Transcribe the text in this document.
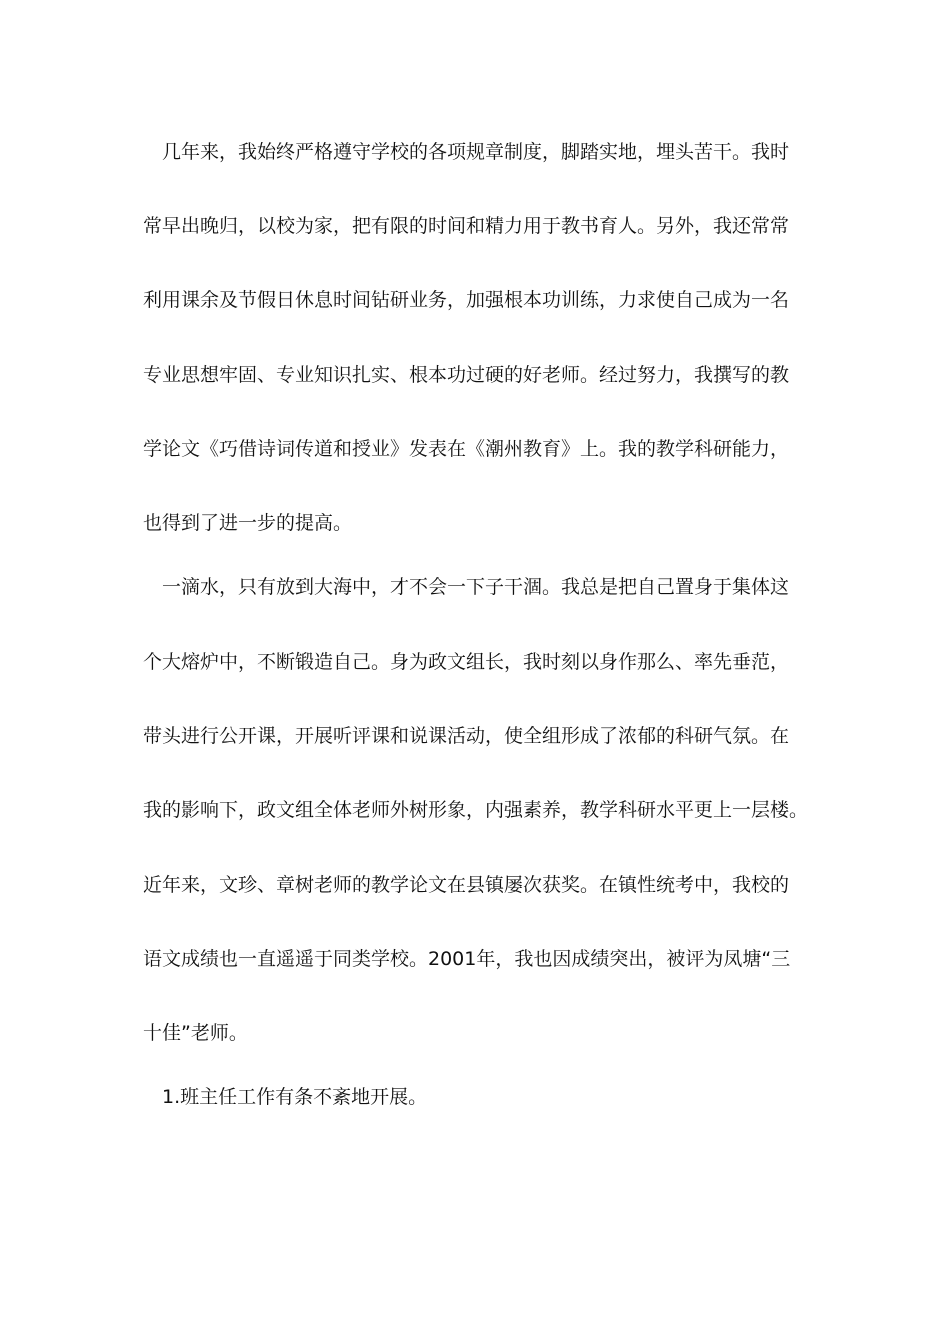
几年来，我始终严格遵守学校的各项规章制度，脚踏实地，埋头苦干。我时
常早出晚归，以校为家，把有限的时间和精力用于教书育人。另外，我还常常
利用课余及节假日休息时间钻研业务，加强根本功训练，力求使自己成为一名
专业思想牢固、专业知识扎实、根本功过硬的好老师。经过努力，我撰写的教
学论文《巧借诗词传道和授业》发表在《潮州教育》上。我的教学科研能力，
也得到了进一步的提高。
一滴水，只有放到大海中，才不会一下子干涸。我总是把自己置身于集体这
个大熔炉中，不断锻造自己。身为政文组长，我时刻以身作那么、率先垂范，
带头进行公开课，开展听评课和说课活动，使全组形成了浓郁的科研气氛。在
我的影响下，政文组全体老师外树形象，内强素养，教学科研水平更上一层楼。
近年来，文珍、章树老师的教学论文在县镇屡次获奖。在镇性统考中，我校的
语文成绩也一直遥遥于同类学校。2001年，我也因成绩突出，被评为凤塘“三
十佳”老师。
1.班主任工作有条不紊地开展。
